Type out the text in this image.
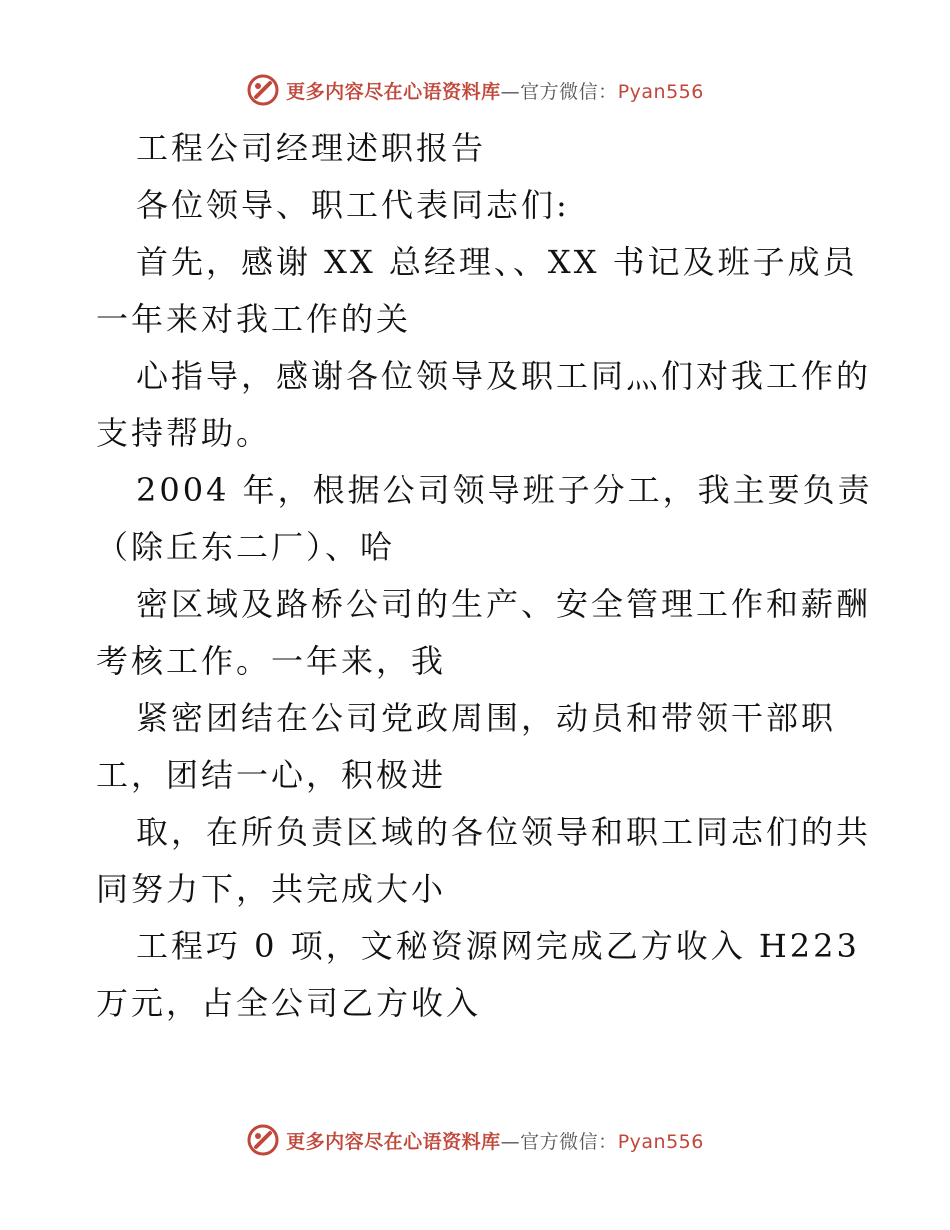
更多内容尽在心语资料库—官方微信：Pyan556
工程公司经理述职报告
各位领导、职工代表同志们:
首先，感谢 XX 总经理、、XX 书记及班子成员
一年来对我工作的关
心指导，感谢各位领导及职工同灬们对我工作的
支持帮助。
2004 年，根据公司领导班子分工，我主要负责
（除丘东二厂）、哈
密区域及路桥公司的生产、安全管理工作和薪酬
考核工作。一年来，我
紧密团结在公司党政周围，动员和带领干部职
工，团结一心，积极进
取，在所负责区域的各位领导和职工同志们的共
同努力下，共完成大小
工程巧 0 项，文秘资源网完成乙方收入 H223
万元，占全公司乙方收入
更多内容尽在心语资料库—官方微信：Pyan556
